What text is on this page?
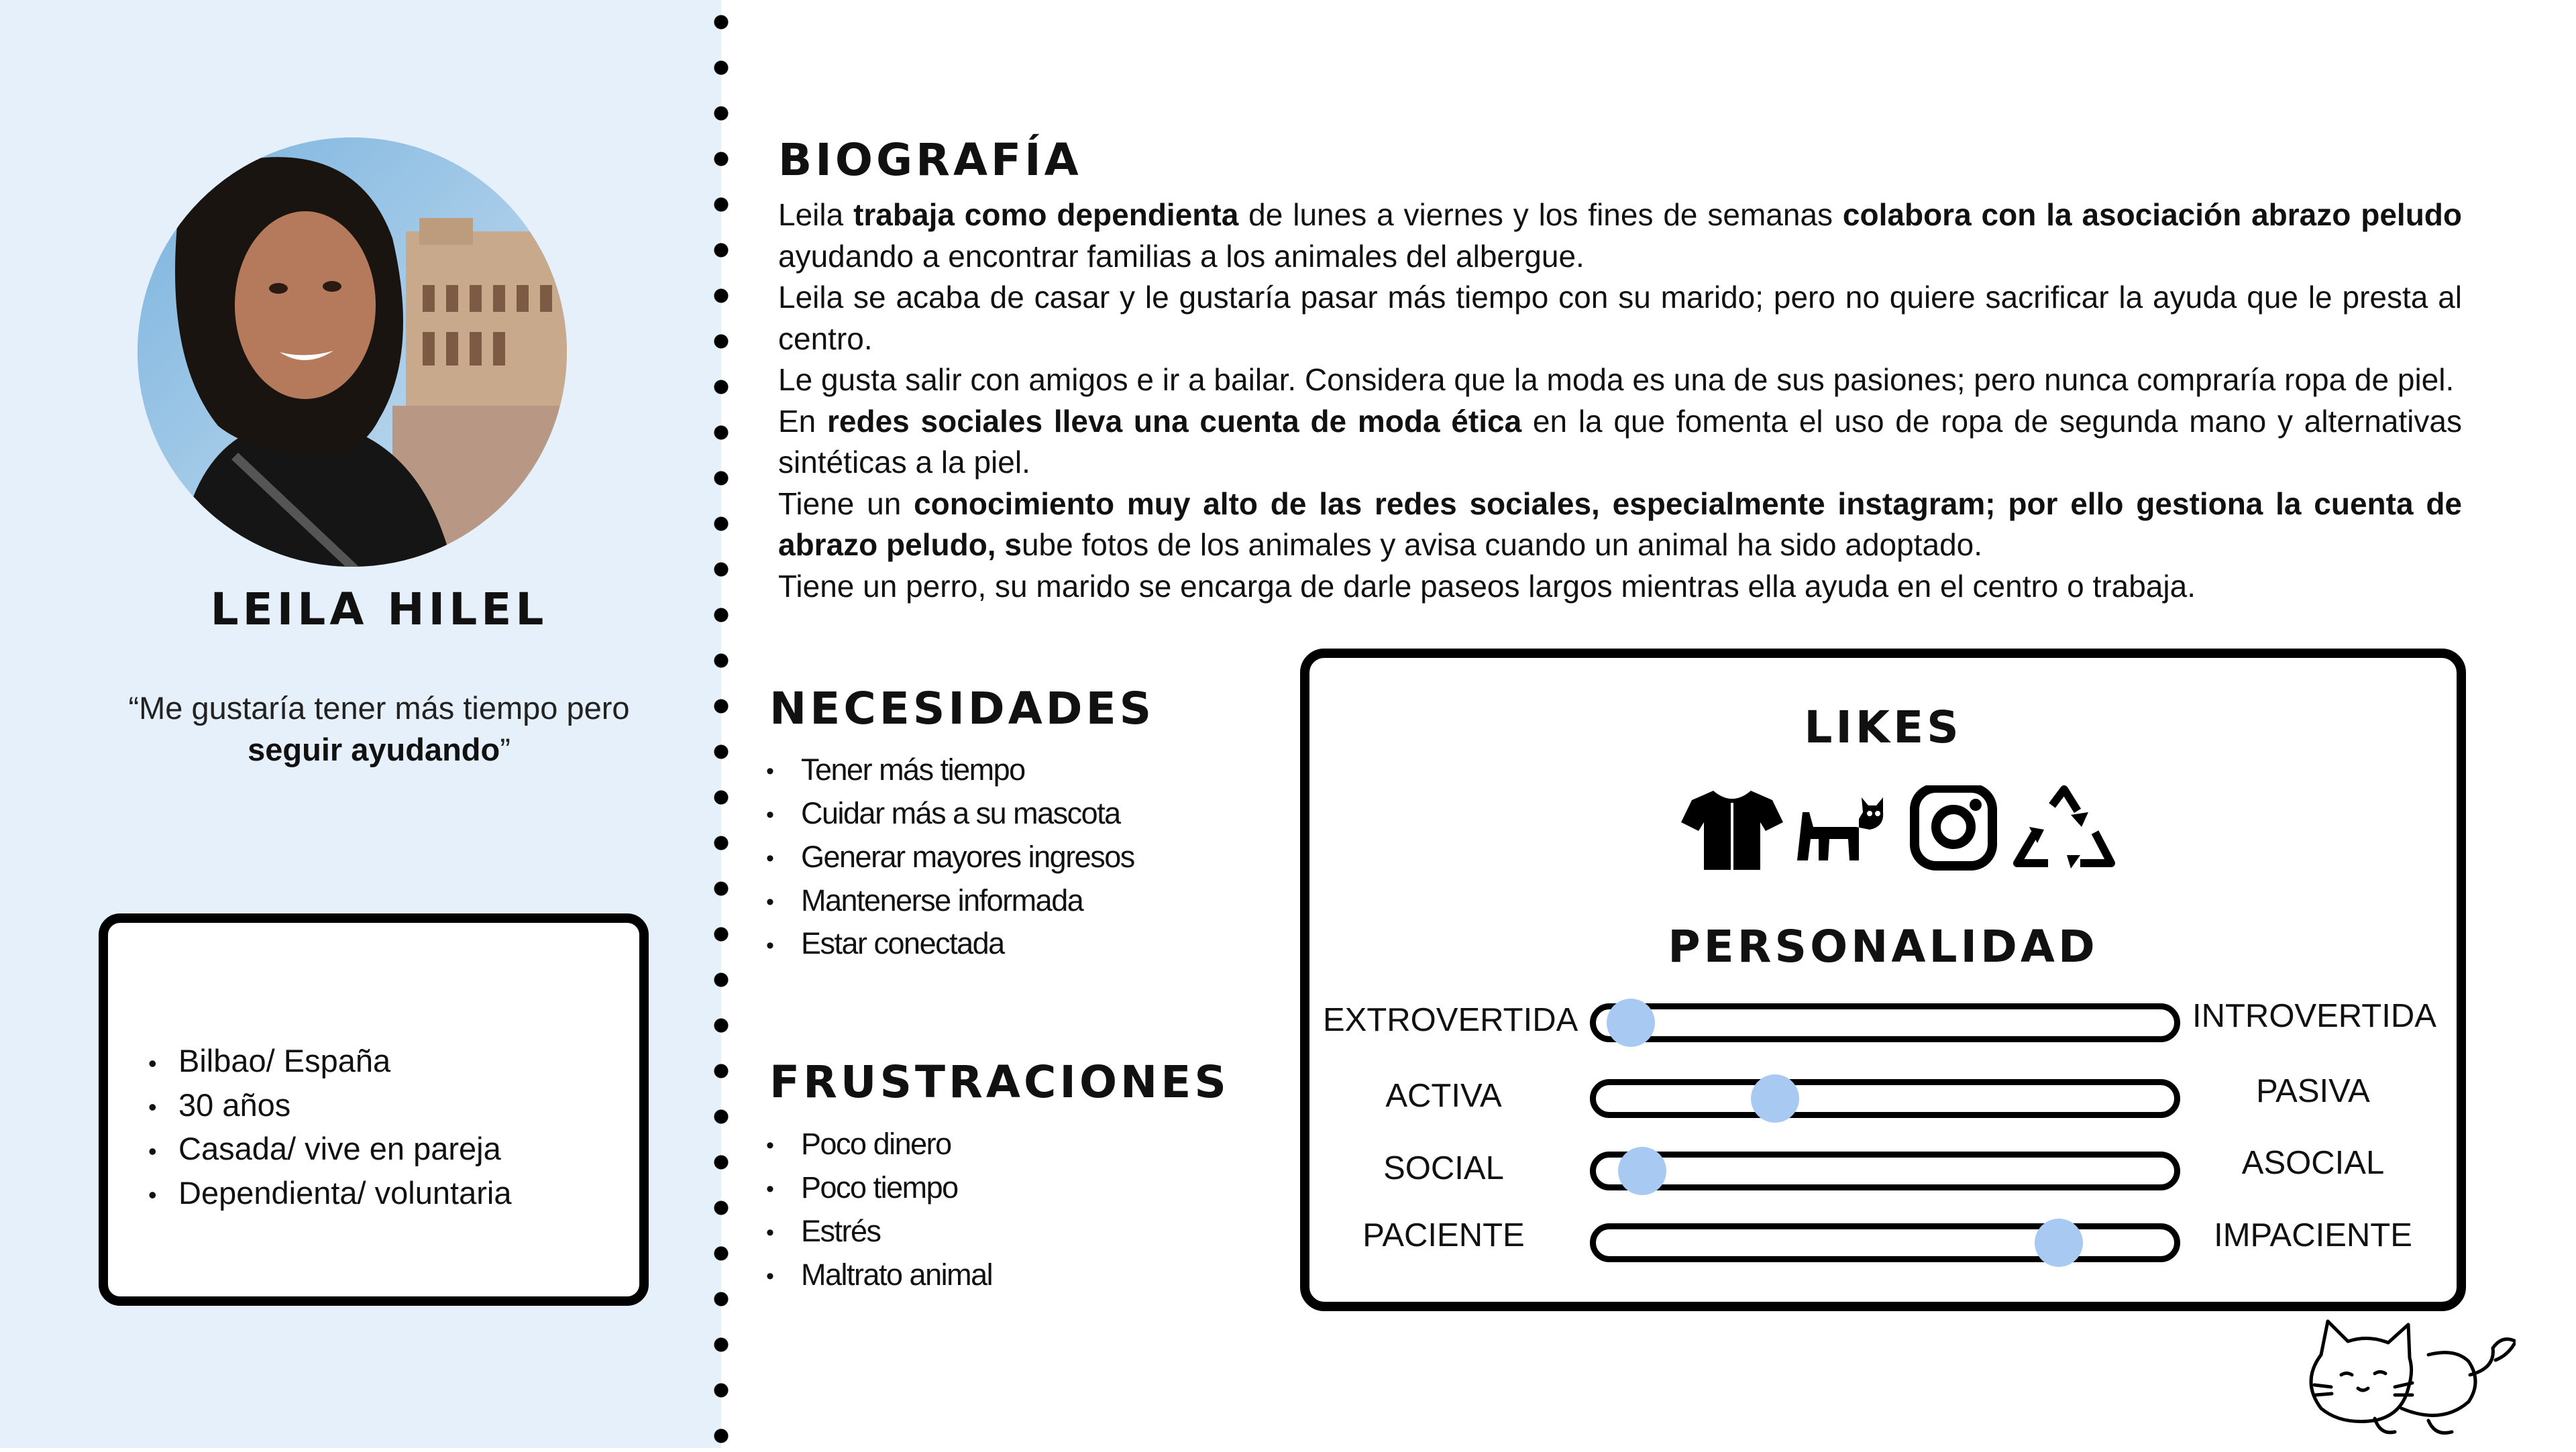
LEILA HILEL
“Me gustaría tener más tiempo pero seguir ayudando”
• Bilbao/ España
• 30 años
• Casada/ vive en pareja
• Dependienta/ voluntaria
BIOGRAFÍA

Leila trabaja como dependienta de lunes a viernes y los fines de semanas colabora con la asociación abrazo peludo ayudando a encontrar familias a los animales del albergue.

Leila se acaba de casar y le gustaría pasar más tiempo con su marido; pero no quiere sacrificar la ayuda que le presta al centro.

Le gusta salir con amigos e ir a bailar. Considera que la moda es una de sus pasiones; pero nunca compraría ropa de piel.

En redes sociales lleva una cuenta de moda ética en la que fomenta el uso de ropa de segunda mano y alternativas sintéticas a la piel.

Tiene un conocimiento muy alto de las redes sociales, especialmente instagram; por ello gestiona la cuenta de abrazo peludo, sube fotos de los animales y avisa cuando un animal ha sido adoptado.

Tiene un perro, su marido se encarga de darle paseos largos mientras ella ayuda en el centro o trabaja.

NECESIDADES
• Tener más tiempo
• Cuidar más a su mascota
• Generar mayores ingresos
• Mantenerse informada
• Estar conectada
FRUSTRACIONES
• Poco dinero
• Poco tiempo
• Estrés
• Maltrato animal
LIKES
PERSONALIDAD
EXTROVERTIDA	INTROVERTIDA
ACTIVA	PASIVA
SOCIAL	ASOCIAL
PACIENTE	IMPACIENTE
